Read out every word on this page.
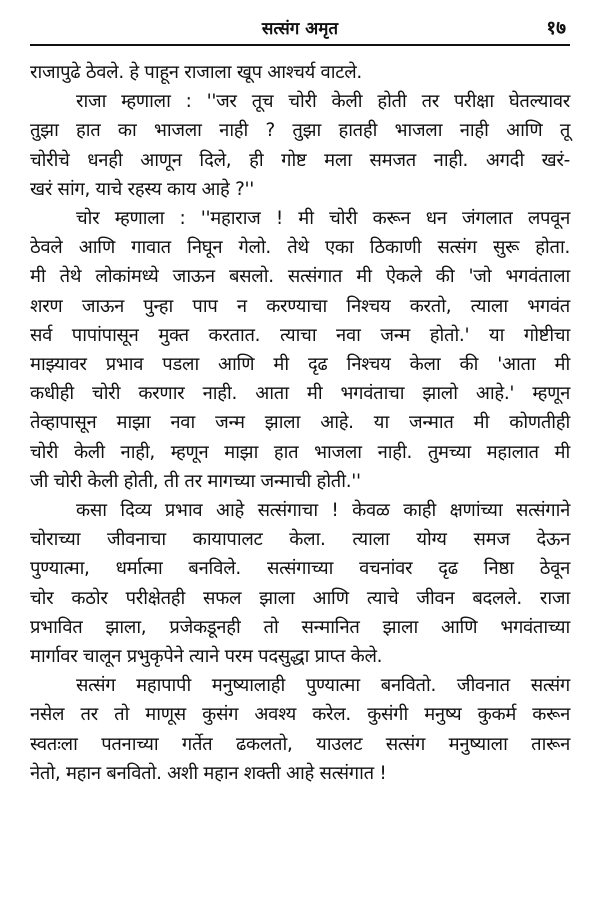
सत्संग अमृत	१७

राजापुढे ठेवले. हे पाहून राजाला खूप आश्चर्य वाटले.

राजा म्हणाला : ''जर तूच चोरी केली होती तर परीक्षा घेतल्यावर
तुझा हात का भाजला नाही ? तुझा हातही भाजला नाही आणि तू
चोरीचे धनही आणून दिले, ही गोष्ट मला समजत नाही. अगदी खरं-
खरं सांग, याचे रहस्य काय आहे ?''

चोर म्हणाला : ''महाराज ! मी चोरी करून धन जंगलात लपवून
ठेवले आणि गावात निघून गेलो. तेथे एका ठिकाणी सत्संग सुरू होता.
मी तेथे लोकांमध्ये जाऊन बसलो. सत्संगात मी ऐकले की 'जो भगवंताला
शरण जाऊन पुन्हा पाप न करण्याचा निश्चय करतो, त्याला भगवंत
सर्व पापांपासून मुक्त करतात. त्याचा नवा जन्म होतो.' या गोष्टीचा
माझ्यावर प्रभाव पडला आणि मी दृढ निश्चय केला की 'आता मी
कधीही चोरी करणार नाही. आता मी भगवंताचा झालो आहे.' म्हणून
तेव्हापासून माझा नवा जन्म झाला आहे. या जन्मात मी कोणतीही
चोरी केली नाही, म्हणून माझा हात भाजला नाही. तुमच्या महालात मी
जी चोरी केली होती, ती तर मागच्या जन्माची होती.''

कसा दिव्य प्रभाव आहे सत्संगाचा ! केवळ काही क्षणांच्या सत्संगाने
चोराच्या जीवनाचा कायापालट केला. त्याला योग्य समज देऊन
पुण्यात्मा, धर्मात्मा बनविले. सत्संगाच्या वचनांवर दृढ निष्ठा ठेवून
चोर कठोर परीक्षेतही सफल झाला आणि त्याचे जीवन बदलले. राजा
प्रभावित झाला, प्रजेकडूनही तो सन्मानित झाला आणि भगवंताच्या
मार्गावर चालून प्रभुकृपेने त्याने परम पदसुद्धा प्राप्त केले.

सत्संग महापापी मनुष्यालाही पुण्यात्मा बनवितो. जीवनात सत्संग
नसेल तर तो माणूस कुसंग अवश्य करेल. कुसंगी मनुष्य कुकर्म करून
स्वतःला पतनाच्या गर्तेत ढकलतो, याउलट सत्संग मनुष्याला तारून
नेतो, महान बनवितो. अशी महान शक्ती आहे सत्संगात !
